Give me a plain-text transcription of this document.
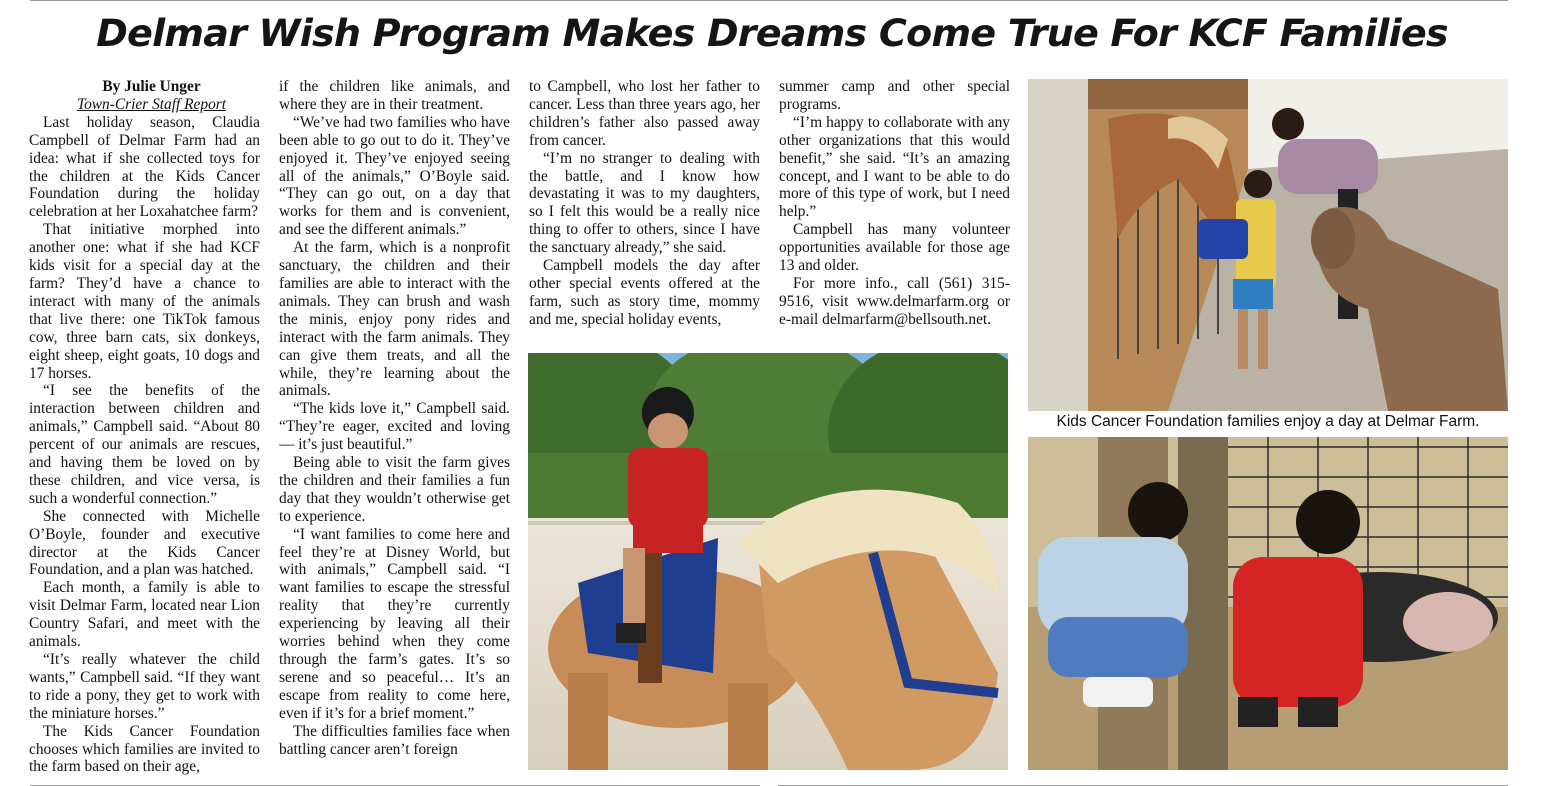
Delmar Wish Program Makes Dreams Come True For KCF Families

By Julie Unger

Town-Crier Staff Report

Last holiday season, Claudia Campbell of Delmar Farm had an idea: what if she collected toys for the children at the Kids Cancer Foundation during the holiday celebration at her Loxahatchee farm?

That initiative morphed into another one: what if she had KCF kids visit for a special day at the farm? They’d have a chance to interact with many of the animals that live there: one TikTok famous cow, three barn cats, six donkeys, eight sheep, eight goats, 10 dogs and 17 horses.

“I see the benefits of the interaction between children and animals,” Campbell said. “About 80 percent of our animals are rescues, and having them be loved on by these children, and vice versa, is such a wonderful connection.”

She connected with Michelle O’Boyle, founder and executive director at the Kids Cancer Foundation, and a plan was hatched.

Each month, a family is able to visit Delmar Farm, located near Lion Country Safari, and meet with the animals.

“It’s really whatever the child wants,” Campbell said. “If they want to ride a pony, they get to work with the miniature horses.”

The Kids Cancer Foundation chooses which families are invited to the farm based on their age,

if the children like animals, and where they are in their treatment.

“We’ve had two families who have been able to go out to do it. They’ve enjoyed it. They’ve enjoyed seeing all of the animals,” O’Boyle said. “They can go out, on a day that works for them and is convenient, and see the different animals.”

At the farm, which is a nonprofit sanctuary, the children and their families are able to interact with the animals. They can brush and wash the minis, enjoy pony rides and interact with the farm animals. They can give them treats, and all the while, they’re learning about the animals.

“The kids love it,” Campbell said. “They’re eager, excited and loving — it’s just beautiful.”

Being able to visit the farm gives the children and their families a fun day that they wouldn’t otherwise get to experience.

“I want families to come here and feel they’re at Disney World, but with animals,” Campbell said. “I want families to escape the stressful reality that they’re currently experiencing by leaving all their worries behind when they come through the farm’s gates. It’s so serene and so peaceful… It’s an escape from reality to come here, even if it’s for a brief moment.”

The difficulties families face when battling cancer aren’t foreign

to Campbell, who lost her father to cancer. Less than three years ago, her children’s father also passed away from cancer.

“I’m no stranger to dealing with the battle, and I know how devastating it was to my daughters, so I felt this would be a really nice thing to offer to others, since I have the sanctuary already,” she said.

Campbell models the day after other special events offered at the farm, such as story time, mommy and me, special holiday events,

summer camp and other special programs.

“I’m happy to collaborate with any other organizations that this would benefit,” she said. “It’s an amazing concept, and I want to be able to do more of this type of work, but I need help.”

Campbell has many volunteer opportunities available for those age 13 and older.

For more info., call (561) 315-9516, visit www.delmarfarm.org or e-mail delmarfarm@bellsouth.net.

Kids Cancer Foundation families enjoy a day at Delmar Farm.
